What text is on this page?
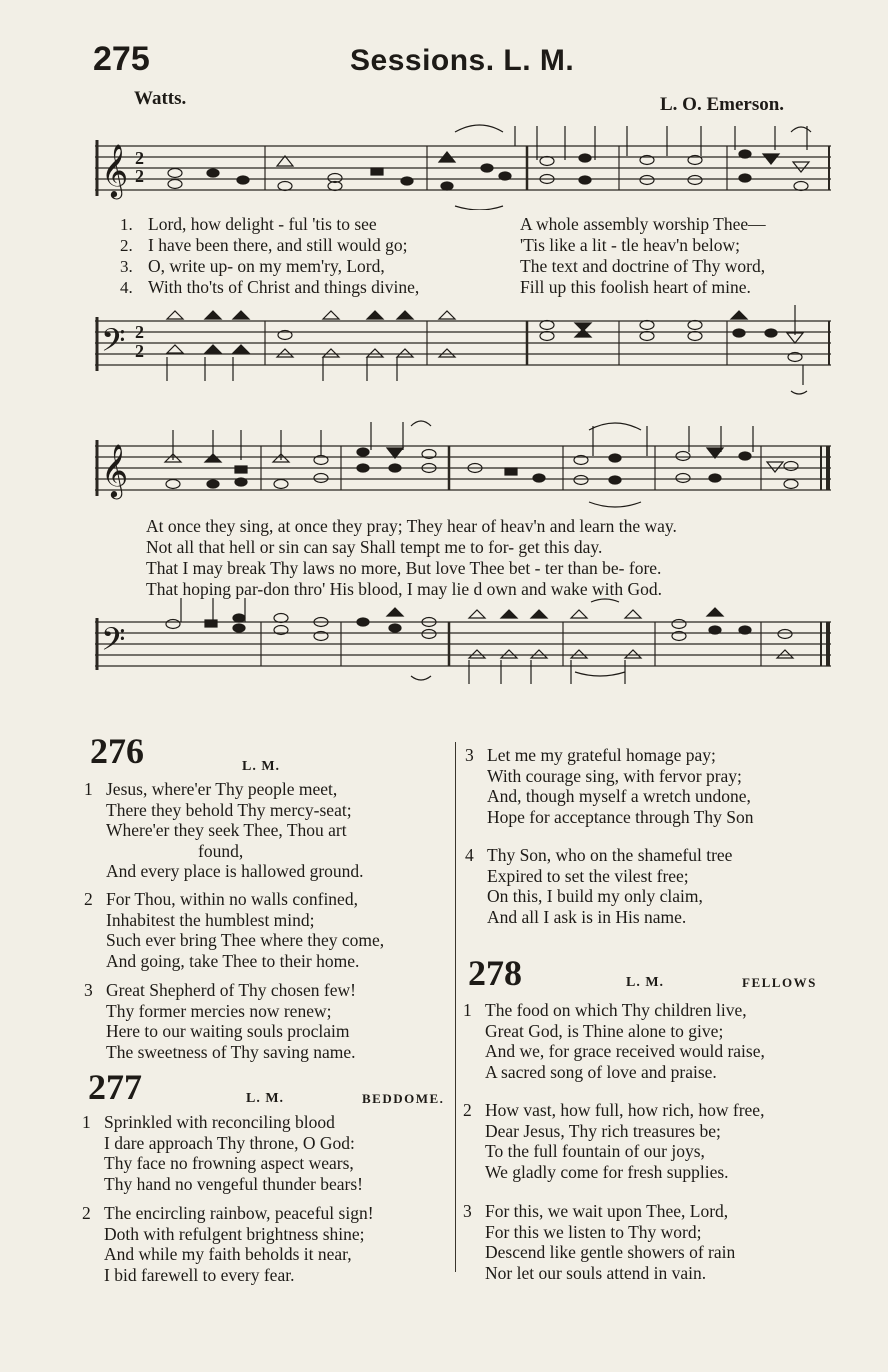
275	Sessions. L. M.
Watts.	L. O. Emerson.
𝄞 2
2
1.
2.
3.
4.
Lord, how delight - ful 'tis to see
I have been there, and still would go;
O, write up- on my mem'ry, Lord,
With tho'ts of Christ and things divine,
A whole assembly worship Thee—
'Tis like a lit - tle heav'n below;
The text and doctrine of Thy word,
Fill up this foolish heart of mine.
𝄢 2
2
𝄞
At once they sing, at once they pray; They hear of heav'n and learn the way.
Not all that hell or sin can say Shall tempt me to for- get this day.
That I may break Thy laws no more, But love Thee bet - ter than be- fore.
That hoping par-don thro' His blood, I may lie d own and wake with God.
𝄢
276	L. M.
1 Jesus, where'er Thy people meet,
There they behold Thy mercy-seat;
Where'er they seek Thee, Thou art
found,
And every place is hallowed ground.
2 For Thou, within no walls confined,
Inhabitest the humblest mind;
Such ever bring Thee where they come,
And going, take Thee to their home.
3 Great Shepherd of Thy chosen few!
Thy former mercies now renew;
Here to our waiting souls proclaim
The sweetness of Thy saving name.
3 Let me my grateful homage pay;
With courage sing, with fervor pray;
And, though myself a wretch undone,
Hope for acceptance through Thy Son
4 Thy Son, who on the shameful tree
Expired to set the vilest free;
On this, I build my only claim,
And all I ask is in His name.
277	L. M.	BEDDOME.
1 Sprinkled with reconciling blood
I dare approach Thy throne, O God:
Thy face no frowning aspect wears,
Thy hand no vengeful thunder bears!
2 The encircling rainbow, peaceful sign!
Doth with refulgent brightness shine;
And while my faith beholds it near,
I bid farewell to every fear.
278	L. M.	FELLOWS
1 The food on which Thy children live,
Great God, is Thine alone to give;
And we, for grace received would raise,
A sacred song of love and praise.
2 How vast, how full, how rich, how free,
Dear Jesus, Thy rich treasures be;
To the full fountain of our joys,
We gladly come for fresh supplies.
3 For this, we wait upon Thee, Lord,
For this we listen to Thy word;
Descend like gentle showers of rain
Nor let our souls attend in vain.
